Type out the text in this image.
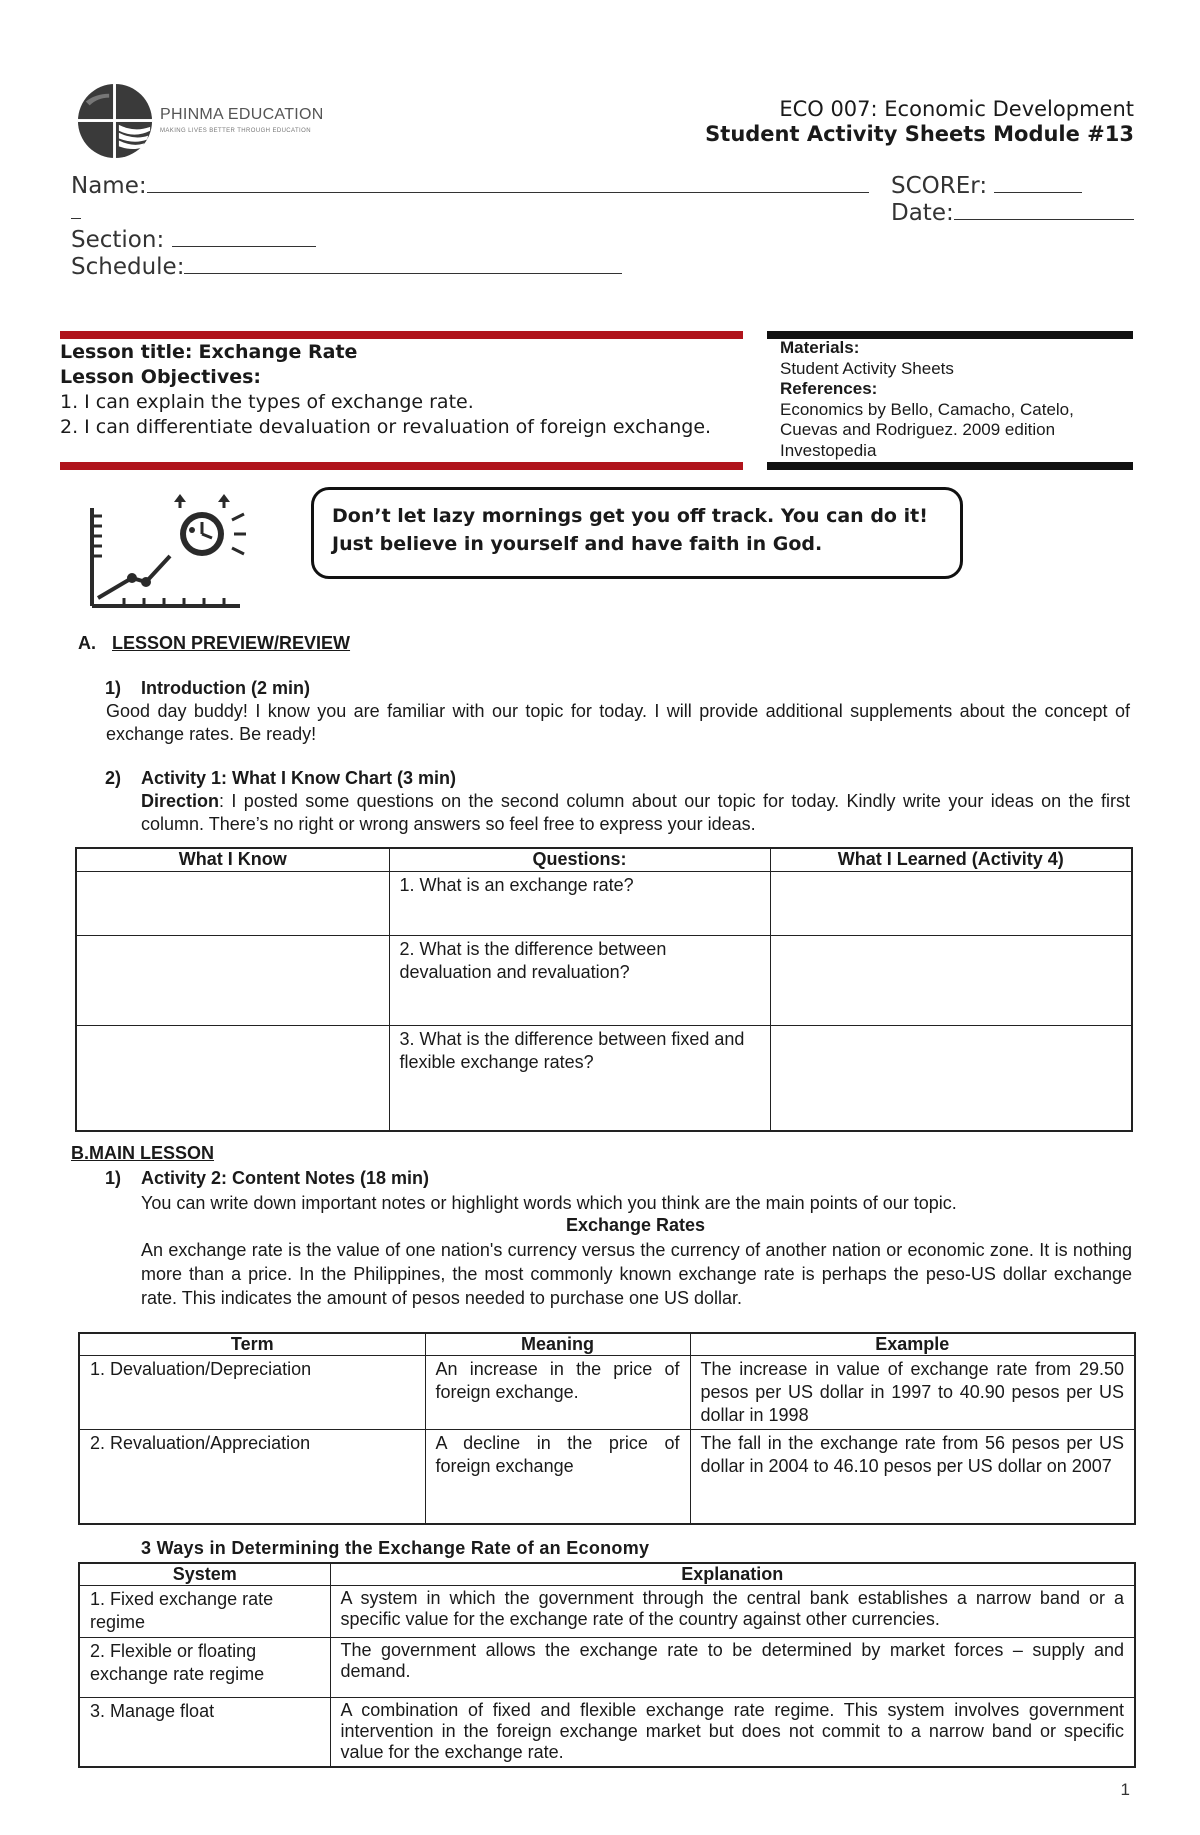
PHINMA EDUCATION
MAKING LIVES BETTER THROUGH EDUCATION
ECO 007: Economic Development
Student Activity Sheets Module #13
Name:	SCOREr:
Date:
Section:
Schedule:
Lesson title: Exchange Rate
Lesson Objectives:
1. I can explain the types of exchange rate.
2. I can differentiate devaluation or revaluation of foreign exchange.
Materials:
Student Activity Sheets
References:
Economics by Bello, Camacho, Catelo,
Cuevas and Rodriguez. 2009 edition
Investopedia
Don’t let lazy mornings get you off track. You can do it!
Just believe in yourself and have faith in God.
A. LESSON PREVIEW/REVIEW
1) Introduction (2 min)
Good day buddy! I know you are familiar with our topic for today. I will provide additional supplements about the concept of exchange rates. Be ready!
2) Activity 1: What I Know Chart (3 min)
Direction: I posted some questions on the second column about our topic for today. Kindly write your ideas on the first column. There’s no right or wrong answers so feel free to express your ideas.
What I Know	Questions:	What I Learned (Activity 4)
	1. What is an exchange rate?	
	2. What is the difference between devaluation and revaluation?	
	3. What is the difference between fixed and flexible exchange rates?	
B.MAIN LESSON
1) Activity 2: Content Notes (18 min)
You can write down important notes or highlight words which you think are the main points of our topic.
Exchange Rates
An exchange rate is the value of one nation's currency versus the currency of another nation or economic zone. It is nothing more than a price. In the Philippines, the most commonly known exchange rate is perhaps the peso-US dollar exchange rate. This indicates the amount of pesos needed to purchase one US dollar.
Term	Meaning	Example
1. Devaluation/Depreciation	An increase in the price of foreign exchange.	The increase in value of exchange rate from 29.50 pesos per US dollar in 1997 to 40.90 pesos per US dollar in 1998
2. Revaluation/Appreciation	A decline in the price of foreign exchange	The fall in the exchange rate from 56 pesos per US dollar in 2004 to 46.10 pesos per US dollar on 2007
3 Ways in Determining the Exchange Rate of an Economy
System	Explanation
1. Fixed exchange rate regime	A system in which the government through the central bank establishes a narrow band or a specific value for the exchange rate of the country against other currencies.
2. Flexible or floating exchange rate regime	The government allows the exchange rate to be determined by market forces – supply and demand.
3. Manage float	A combination of fixed and flexible exchange rate regime. This system involves government intervention in the foreign exchange market but does not commit to a narrow band or specific value for the exchange rate.
1
